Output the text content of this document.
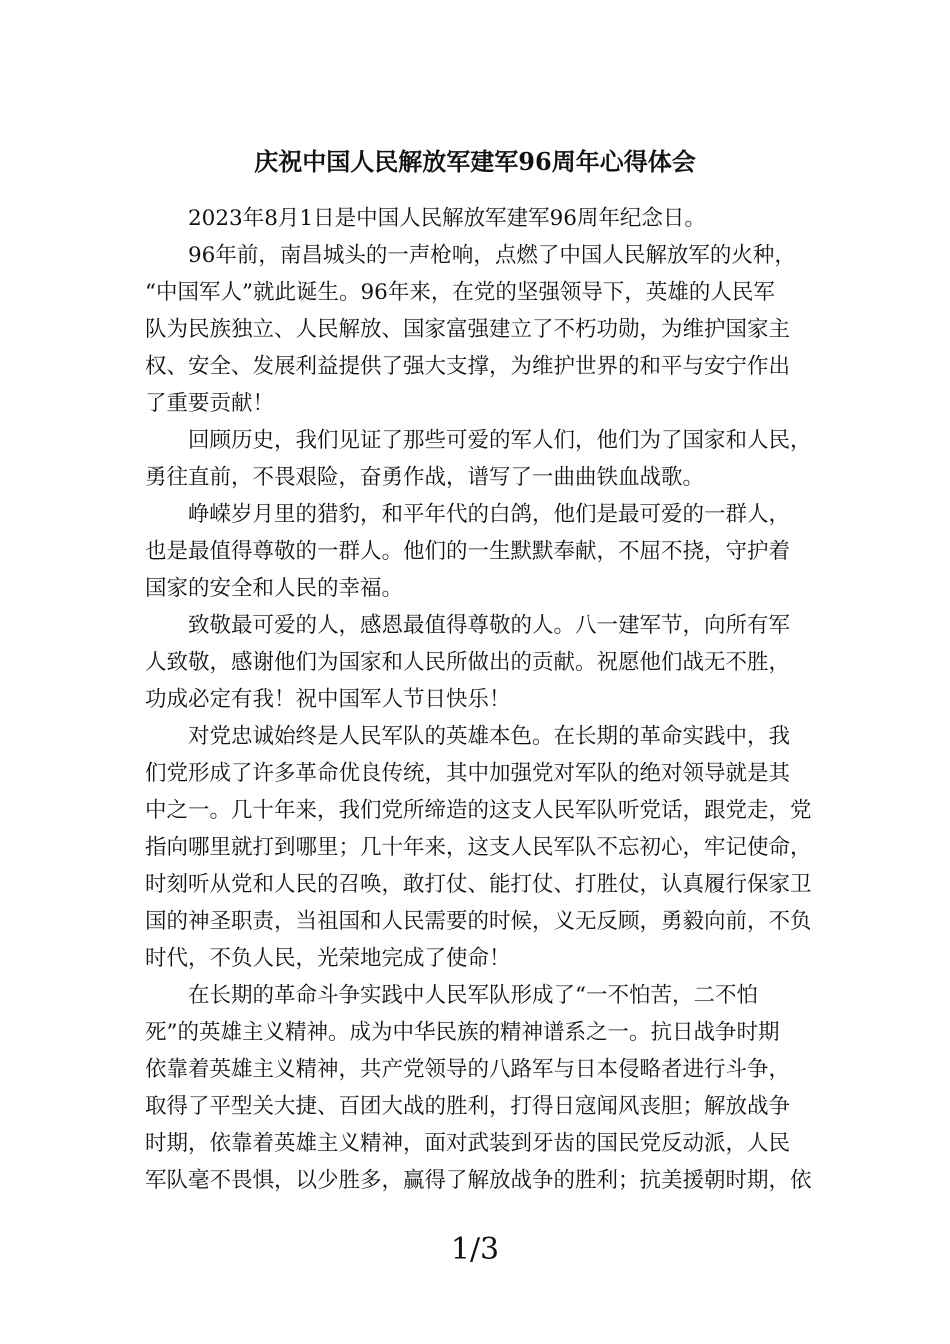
庆祝中国人民解放军建军96周年心得体会

2023年8月1日是中国人民解放军建军96周年纪念日。

96年前，南昌城头的一声枪响，点燃了中国人民解放军的火种，
“中国军人”就此诞生。96年来，在党的坚强领导下，英雄的人民军
队为民族独立、人民解放、国家富强建立了不朽功勋，为维护国家主
权、安全、发展利益提供了强大支撑，为维护世界的和平与安宁作出
了重要贡献！

回顾历史，我们见证了那些可爱的军人们，他们为了国家和人民，
勇往直前，不畏艰险，奋勇作战，谱写了一曲曲铁血战歌。

峥嵘岁月里的猎豹，和平年代的白鸽，他们是最可爱的一群人，
也是最值得尊敬的一群人。他们的一生默默奉献，不屈不挠，守护着
国家的安全和人民的幸福。

致敬最可爱的人，感恩最值得尊敬的人。八一建军节，向所有军
人致敬，感谢他们为国家和人民所做出的贡献。祝愿他们战无不胜，
功成必定有我！祝中国军人节日快乐！

对党忠诚始终是人民军队的英雄本色。在长期的革命实践中，我
们党形成了许多革命优良传统，其中加强党对军队的绝对领导就是其
中之一。几十年来，我们党所缔造的这支人民军队听党话，跟党走，党
指向哪里就打到哪里；几十年来，这支人民军队不忘初心，牢记使命，
时刻听从党和人民的召唤，敢打仗、能打仗、打胜仗，认真履行保家卫
国的神圣职责，当祖国和人民需要的时候，义无反顾，勇毅向前，不负
时代，不负人民，光荣地完成了使命！

在长期的革命斗争实践中人民军队形成了“一不怕苦，二不怕
死”的英雄主义精神。成为中华民族的精神谱系之一。抗日战争时期
依靠着英雄主义精神，共产党领导的八路军与日本侵略者进行斗争，
取得了平型关大捷、百团大战的胜利，打得日寇闻风丧胆；解放战争
时期，依靠着英雄主义精神，面对武装到牙齿的国民党反动派，人民
军队毫不畏惧，以少胜多，赢得了解放战争的胜利；抗美援朝时期，依

1/3
